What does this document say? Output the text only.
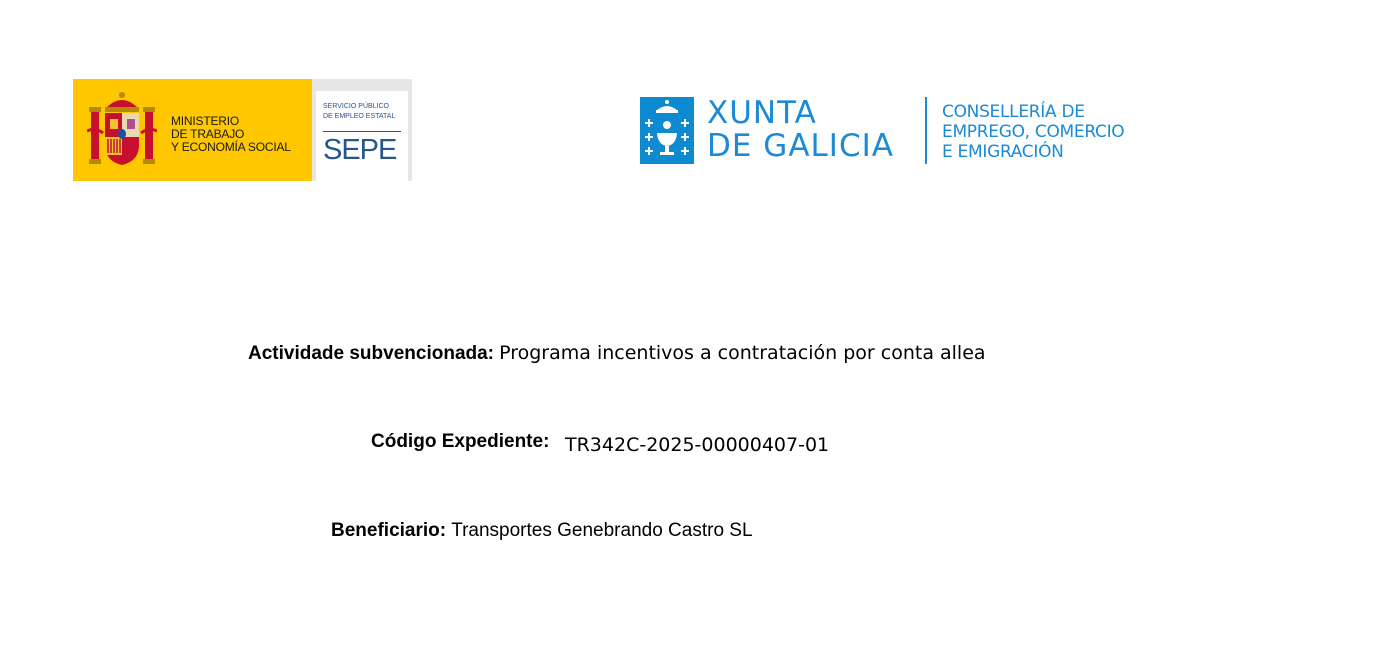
MINISTERIO
DE TRABAJO
Y ECONOMÍA SOCIAL
SERVICIO PÚBLICO
DE EMPLEO ESTATAL
SEPE
XUNTA
DE GALICIA
CONSELLERÍA DE
EMPREGO, COMERCIO
E EMIGRACIÓN
Actividade subvencionada: Programa incentivos a contratación por conta allea
Código Expediente: TR342C-2025-00000407-01
Beneficiario: Transportes Genebrando Castro SL
